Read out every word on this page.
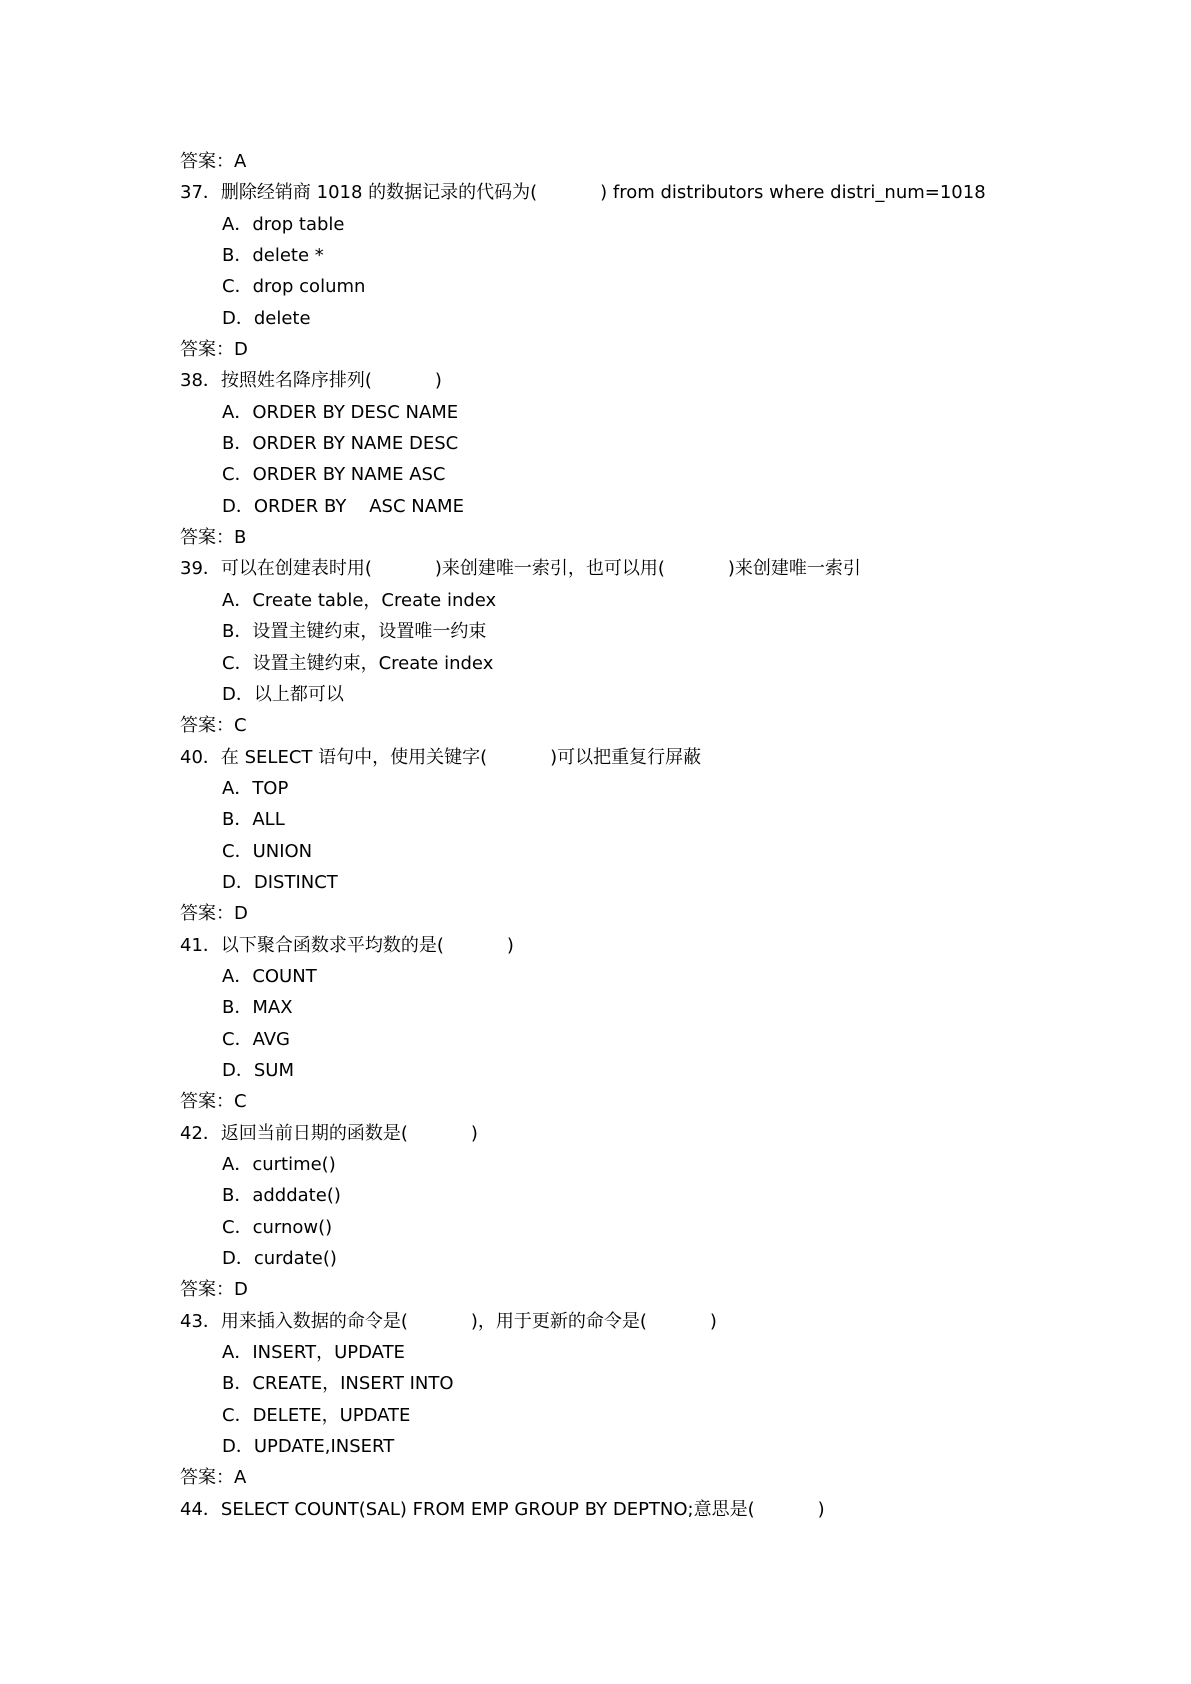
答案：A
37．删除经销商 1018 的数据记录的代码为(           ) from distributors where distri_num=1018
A．drop table
B．delete *
C．drop column
D．delete
答案：D
38．按照姓名降序排列(           )
A．ORDER BY DESC NAME
B．ORDER BY NAME DESC
C．ORDER BY NAME ASC
D．ORDER BY    ASC NAME
答案：B
39．可以在创建表时用(           )来创建唯一索引，也可以用(           )来创建唯一索引
A．Create table，Create index
B．设置主键约束，设置唯一约束
C．设置主键约束，Create index
D．以上都可以
答案：C
40．在 SELECT 语句中，使用关键字(           )可以把重复行屏蔽
A．TOP
B．ALL
C．UNION
D．DISTINCT
答案：D
41．以下聚合函数求平均数的是(           )
A．COUNT
B．MAX
C．AVG
D．SUM
答案：C
42．返回当前日期的函数是(           )
A．curtime()
B．adddate()
C．curnow()
D．curdate()
答案：D
43．用来插入数据的命令是(           )，用于更新的命令是(           )
A．INSERT，UPDATE
B．CREATE，INSERT INTO
C．DELETE，UPDATE
D．UPDATE,INSERT
答案：A
44．SELECT COUNT(SAL) FROM EMP GROUP BY DEPTNO;意思是(           )
